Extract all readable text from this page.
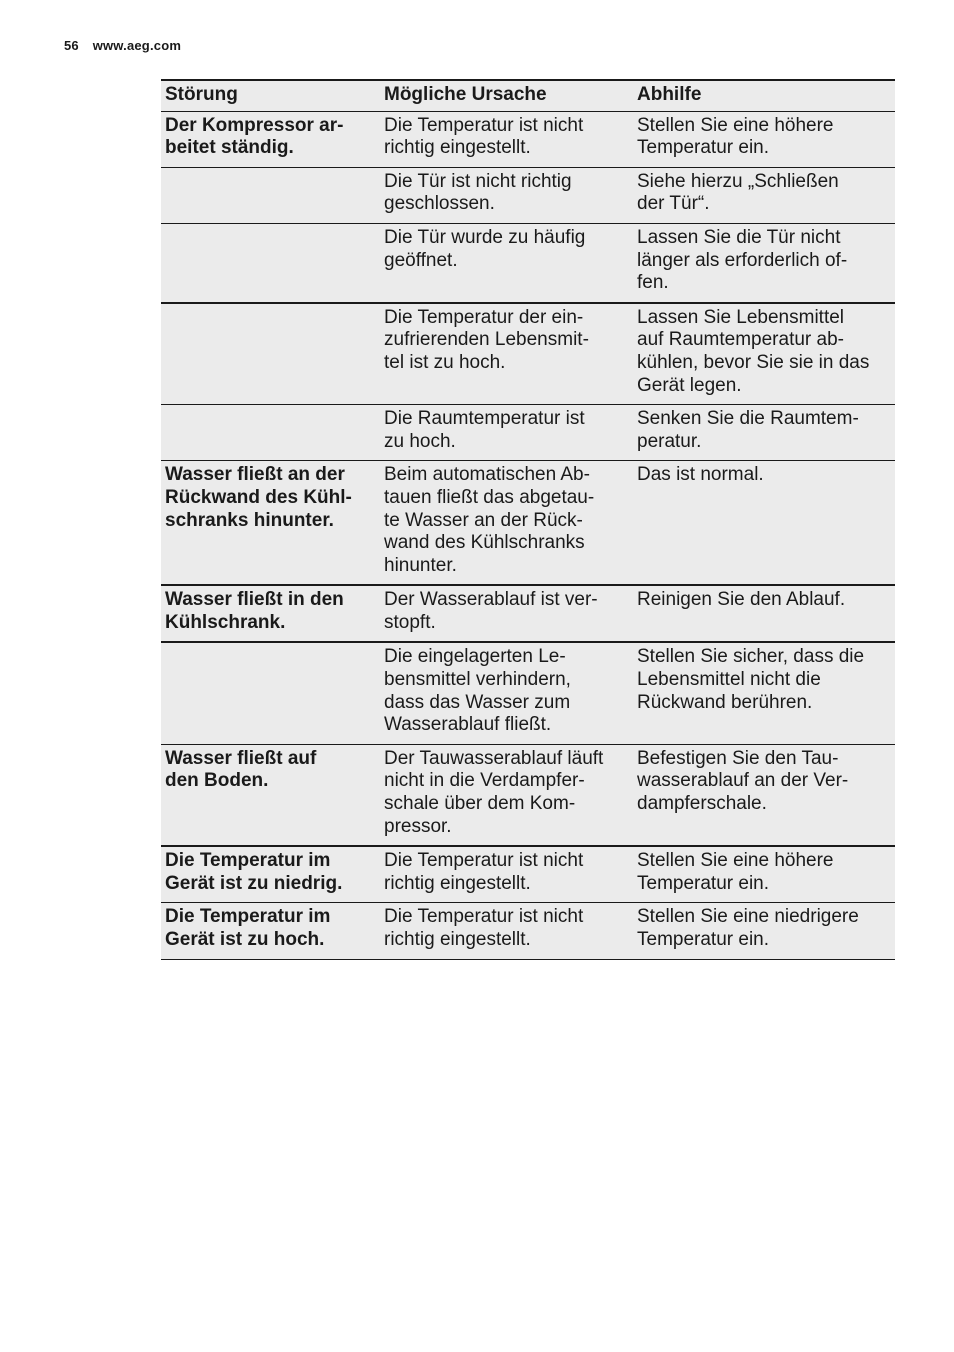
56 www.aeg.com
Störung	Mögliche Ursache	Abhilfe
Der Kompressor ar-
beitet ständig.	Die Temperatur ist nicht
richtig eingestellt.	Stellen Sie eine höhere
Temperatur ein.
	Die Tür ist nicht richtig
geschlossen.	Siehe hierzu „Schließen
der Tür“.
	Die Tür wurde zu häufig
geöffnet.	Lassen Sie die Tür nicht
länger als erforderlich of-
fen.
	Die Temperatur der ein-
zufrierenden Lebensmit-
tel ist zu hoch.	Lassen Sie Lebensmittel
auf Raumtemperatur ab-
kühlen, bevor Sie sie in das
Gerät legen.
	Die Raumtemperatur ist
zu hoch.	Senken Sie die Raumtem-
peratur.
Wasser fließt an der
Rückwand des Kühl-
schranks hinunter.	Beim automatischen Ab-
tauen fließt das abgetau-
te Wasser an der Rück-
wand des Kühlschranks
hinunter.	Das ist normal.
Wasser fließt in den
Kühlschrank.	Der Wasserablauf ist ver-
stopft.	Reinigen Sie den Ablauf.
	Die eingelagerten Le-
bensmittel verhindern,
dass das Wasser zum
Wasserablauf fließt.	Stellen Sie sicher, dass die
Lebensmittel nicht die
Rückwand berühren.
Wasser fließt auf
den Boden.	Der Tauwasserablauf läuft
nicht in die Verdampfer-
schale über dem Kom-
pressor.	Befestigen Sie den Tau-
wasserablauf an der Ver-
dampferschale.
Die Temperatur im
Gerät ist zu niedrig.	Die Temperatur ist nicht
richtig eingestellt.	Stellen Sie eine höhere
Temperatur ein.
Die Temperatur im
Gerät ist zu hoch.	Die Temperatur ist nicht
richtig eingestellt.	Stellen Sie eine niedrigere
Temperatur ein.
